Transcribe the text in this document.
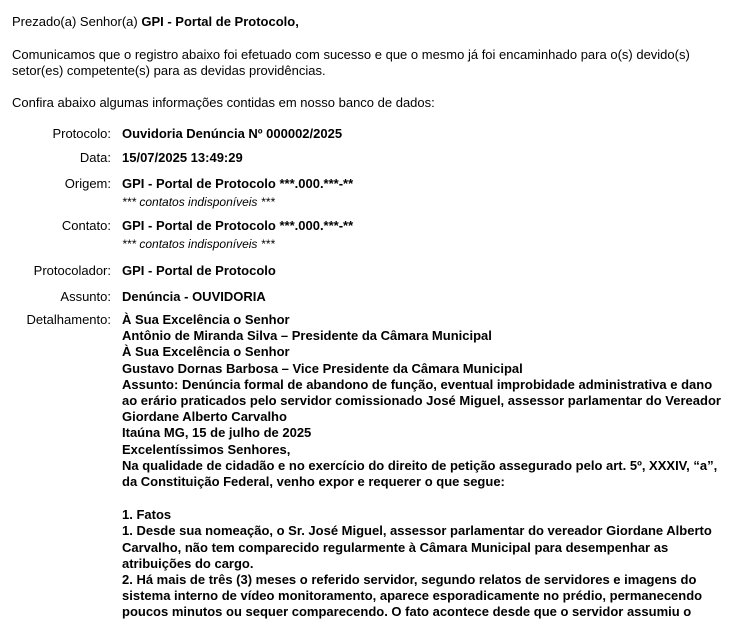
Prezado(a) Senhor(a) GPI - Portal de Protocolo,
Comunicamos que o registro abaixo foi efetuado com sucesso e que o mesmo já foi encaminhado para o(s) devido(s)
setor(es) competente(s) para as devidas providências.
Confira abaixo algumas informações contidas em nosso banco de dados:
Protocolo: Ouvidoria Denúncia Nº 000002/2025
Data: 15/07/2025 13:49:29
Origem: GPI - Portal de Protocolo ***.000.***-**
*** contatos indisponíveis ***
Contato: GPI - Portal de Protocolo ***.000.***-**
*** contatos indisponíveis ***
Protocolador: GPI - Portal de Protocolo
Assunto: Denúncia - OUVIDORIA
Detalhamento: À Sua Excelência o Senhor
Antônio de Miranda Silva – Presidente da Câmara Municipal
À Sua Excelência o Senhor
Gustavo Dornas Barbosa – Vice Presidente da Câmara Municipal
Assunto: Denúncia formal de abandono de função, eventual improbidade administrativa e dano
ao erário praticados pelo servidor comissionado José Miguel, assessor parlamentar do Vereador
Giordane Alberto Carvalho
Itaúna MG, 15 de julho de 2025
Excelentíssimos Senhores,
Na qualidade de cidadão e no exercício do direito de petição assegurado pelo art. 5º, XXXIV, “a”,
da Constituição Federal, venho expor e requerer o que segue:
1. Fatos
1. Desde sua nomeação, o Sr. José Miguel, assessor parlamentar do vereador Giordane Alberto
Carvalho, não tem comparecido regularmente à Câmara Municipal para desempenhar as
atribuições do cargo.
2. Há mais de três (3) meses o referido servidor, segundo relatos de servidores e imagens do
sistema interno de vídeo monitoramento, aparece esporadicamente no prédio, permanecendo
poucos minutos ou sequer comparecendo. O fato acontece desde que o servidor assumiu o
